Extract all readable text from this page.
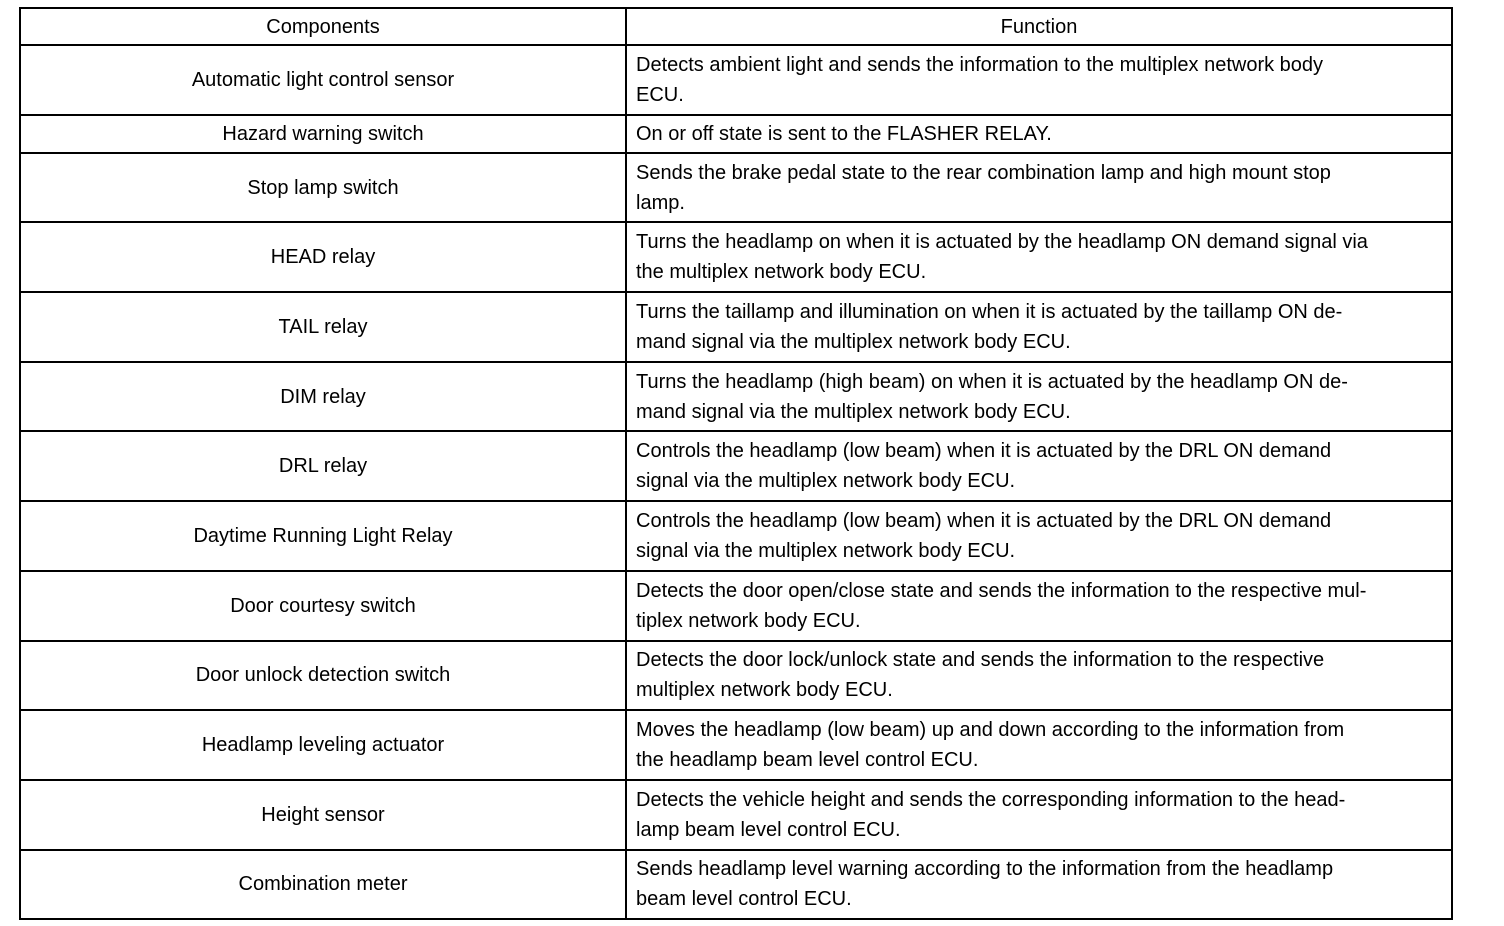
Components	Function
Automatic light control sensor	Detects ambient light and sends the information to the multiplex network body
ECU.

Hazard warning switch	On or off state is sent to the FLASHER RELAY.

Stop lamp switch	Sends the brake pedal state to the rear combination lamp and high mount stop
lamp.

HEAD relay	Turns the headlamp on when it is actuated by the headlamp ON demand signal via
the multiplex network body ECU.

TAIL relay	Turns the taillamp and illumination on when it is actuated by the taillamp ON de-
mand signal via the multiplex network body ECU.

DIM relay	Turns the headlamp (high beam) on when it is actuated by the headlamp ON de-
mand signal via the multiplex network body ECU.

DRL relay	Controls the headlamp (low beam) when it is actuated by the DRL ON demand
signal via the multiplex network body ECU.

Daytime Running Light Relay	Controls the headlamp (low beam) when it is actuated by the DRL ON demand
signal via the multiplex network body ECU.

Door courtesy switch	Detects the door open/close state and sends the information to the respective mul-
tiplex network body ECU.

Door unlock detection switch	Detects the door lock/unlock state and sends the information to the respective
multiplex network body ECU.

Headlamp leveling actuator	Moves the headlamp (low beam) up and down according to the information from
the headlamp beam level control ECU.

Height sensor	Detects the vehicle height and sends the corresponding information to the head-
lamp beam level control ECU.

Combination meter	Sends headlamp level warning according to the information from the headlamp
beam level control ECU.
